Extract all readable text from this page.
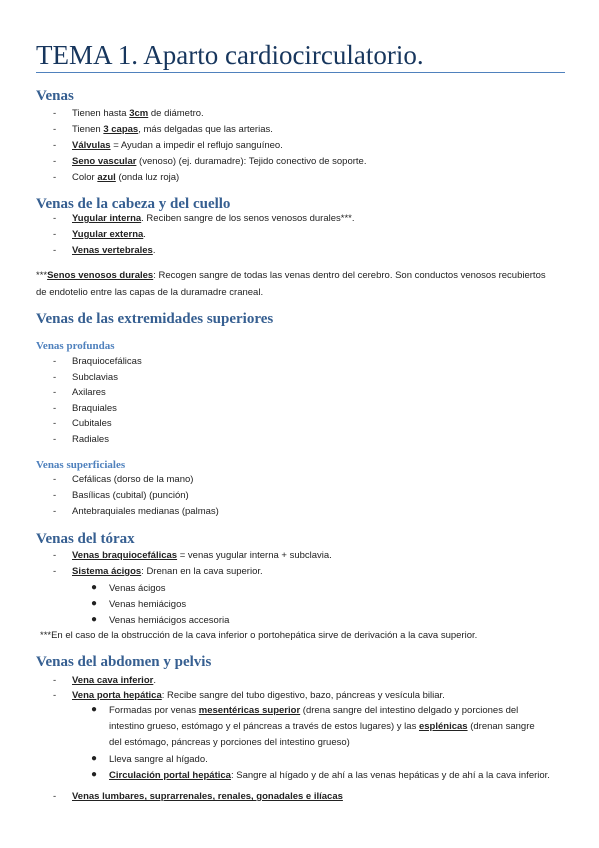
TEMA 1. Aparto cardiocirculatorio.
Venas
- Tienen hasta 3cm de diámetro.
- Tienen 3 capas, más delgadas que las arterias.
- Válvulas = Ayudan a impedir el reflujo sanguíneo.
- Seno vascular (venoso) (ej. duramadre): Tejido conectivo de soporte.
- Color azul (onda luz roja)
Venas de la cabeza y del cuello
- Yugular interna. Reciben sangre de los senos venosos durales***.
- Yugular externa.
- Venas vertebrales.
***Senos venosos durales: Recogen sangre de todas las venas dentro del cerebro. Son conductos venosos recubiertos de endotelio entre las capas de la duramadre craneal.
Venas de las extremidades superiores
Venas profundas
- Braquiocefálicas
- Subclavias
- Axilares
- Braquiales
- Cubitales
- Radiales
Venas superficiales
- Cefálicas (dorso de la mano)
- Basílicas (cubital) (punción)
- Antebraquiales medianas (palmas)
Venas del tórax
- Venas braquiocefálicas = venas yugular interna + subclavia.
- Sistema ácigos: Drenan en la cava superior.
● Venas ácigos
● Venas hemiácigos
● Venas hemiácigos accesoria
***En el caso de la obstrucción de la cava inferior o portohepática sirve de derivación a la cava superior.
Venas del abdomen y pelvis
- Vena cava inferior.
- Vena porta hepática: Recibe sangre del tubo digestivo, bazo, páncreas y vesícula biliar.
● Formadas por venas mesentéricas superior (drena sangre del intestino delgado y porciones del
intestino grueso, estómago y el páncreas a través de estos lugares) y las esplénicas (drenan sangre
del estómago, páncreas y porciones del intestino grueso)
● Lleva sangre al hígado.
● Circulación portal hepática: Sangre al hígado y de ahí a las venas hepáticas y de ahí a la cava inferior.
- Venas lumbares, suprarrenales, renales, gonadales e ilíacas
